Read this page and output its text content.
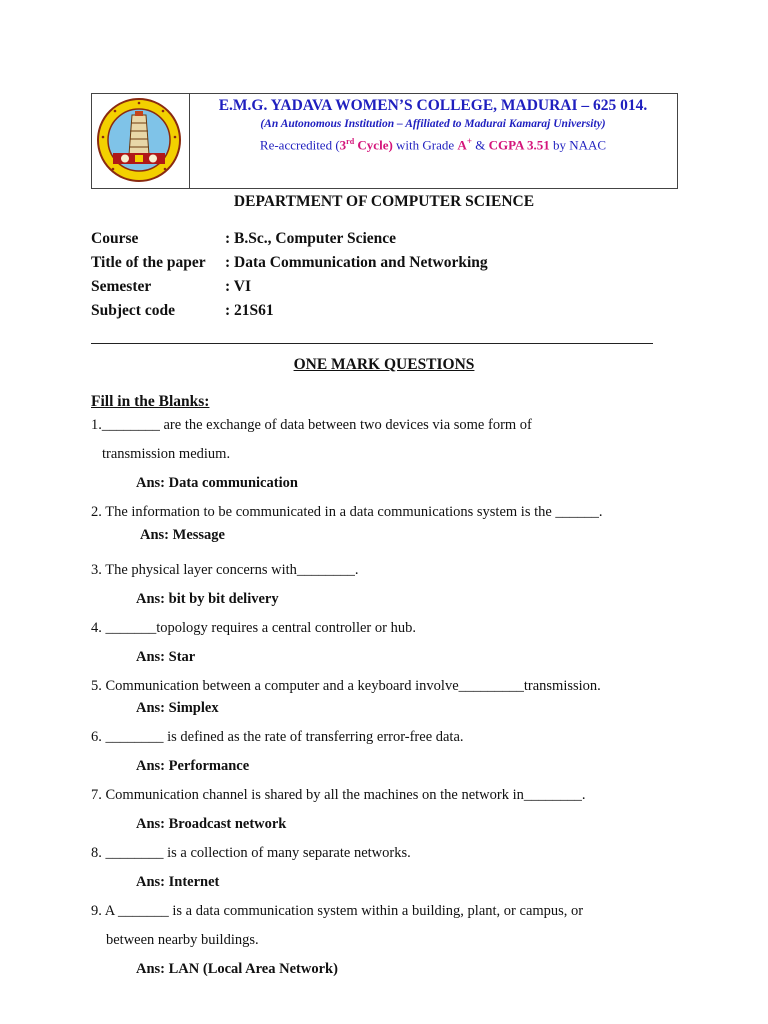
E.M.G. YADAVA WOMEN’S COLLEGE, MADURAI – 625 014.
(An Autonomous Institution – Affiliated to Madurai Kamaraj University)
Re-accredited (3rd Cycle) with Grade A+ & CGPA 3.51 by NAAC
DEPARTMENT OF COMPUTER SCIENCE
Course	: B.Sc., Computer Science
Title of the paper : Data Communication and Networking
Semester	: VI
Subject code	: 21S61
ONE MARK QUESTIONS
Fill in the Blanks:
1.________ are the exchange of data between two devices via some form of
transmission medium.
Ans: Data communication
2. The information to be communicated in a data communications system is the ______.
Ans: Message
3. The physical layer concerns with________.
Ans: bit by bit delivery
4. _______topology requires a central controller or hub.
Ans: Star
5. Communication between a computer and a keyboard involve_________transmission.
Ans: Simplex
6. ________ is defined as the rate of transferring error-free data.
Ans: Performance
7. Communication channel is shared by all the machines on the network in________.
Ans: Broadcast network
8. ________ is a collection of many separate networks.
Ans: Internet
9. A _______ is a data communication system within a building, plant, or campus, or
between nearby buildings.
Ans: LAN (Local Area Network)
